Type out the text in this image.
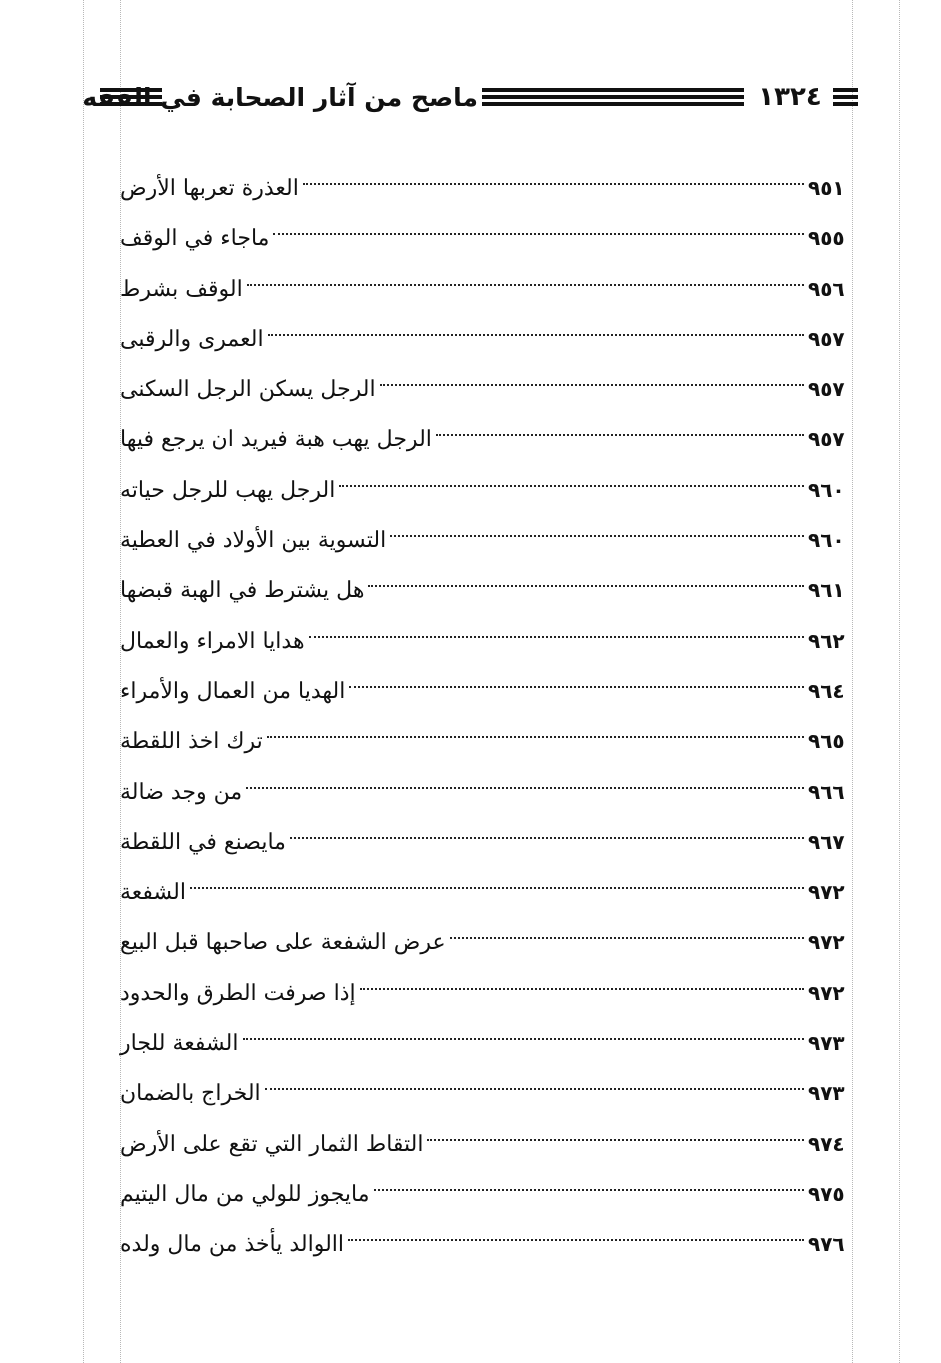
ماصح من آثار الصحابة في الفقه	١٣٢٤
العذرة تعربها الأرض	٩٥١
ماجاء في الوقف	٩٥٥
الوقف بشرط	٩٥٦
العمرى والرقبى	٩٥٧
الرجل يسكن الرجل السكنى	٩٥٧
الرجل يهب هبة فيريد ان يرجع فيها	٩٥٧
الرجل يهب للرجل حياته	٩٦٠
التسوية بين الأولاد في العطية	٩٦٠
هل يشترط في الهبة قبضها	٩٦١
هدايا الامراء والعمال	٩٦٢
الهديا من العمال والأمراء	٩٦٤
ترك اخذ اللقطة	٩٦٥
من وجد ضالة	٩٦٦
مايصنع في اللقطة	٩٦٧
الشفعة	٩٧٢
عرض الشفعة على صاحبها قبل البيع	٩٧٢
إذا صرفت الطرق والحدود	٩٧٢
الشفعة للجار	٩٧٣
الخراج بالضمان	٩٧٣
التقاط الثمار التي تقع على الأرض	٩٧٤
مايجوز للولي من مال اليتيم	٩٧٥
االوالد يأخذ من مال ولده	٩٧٦
